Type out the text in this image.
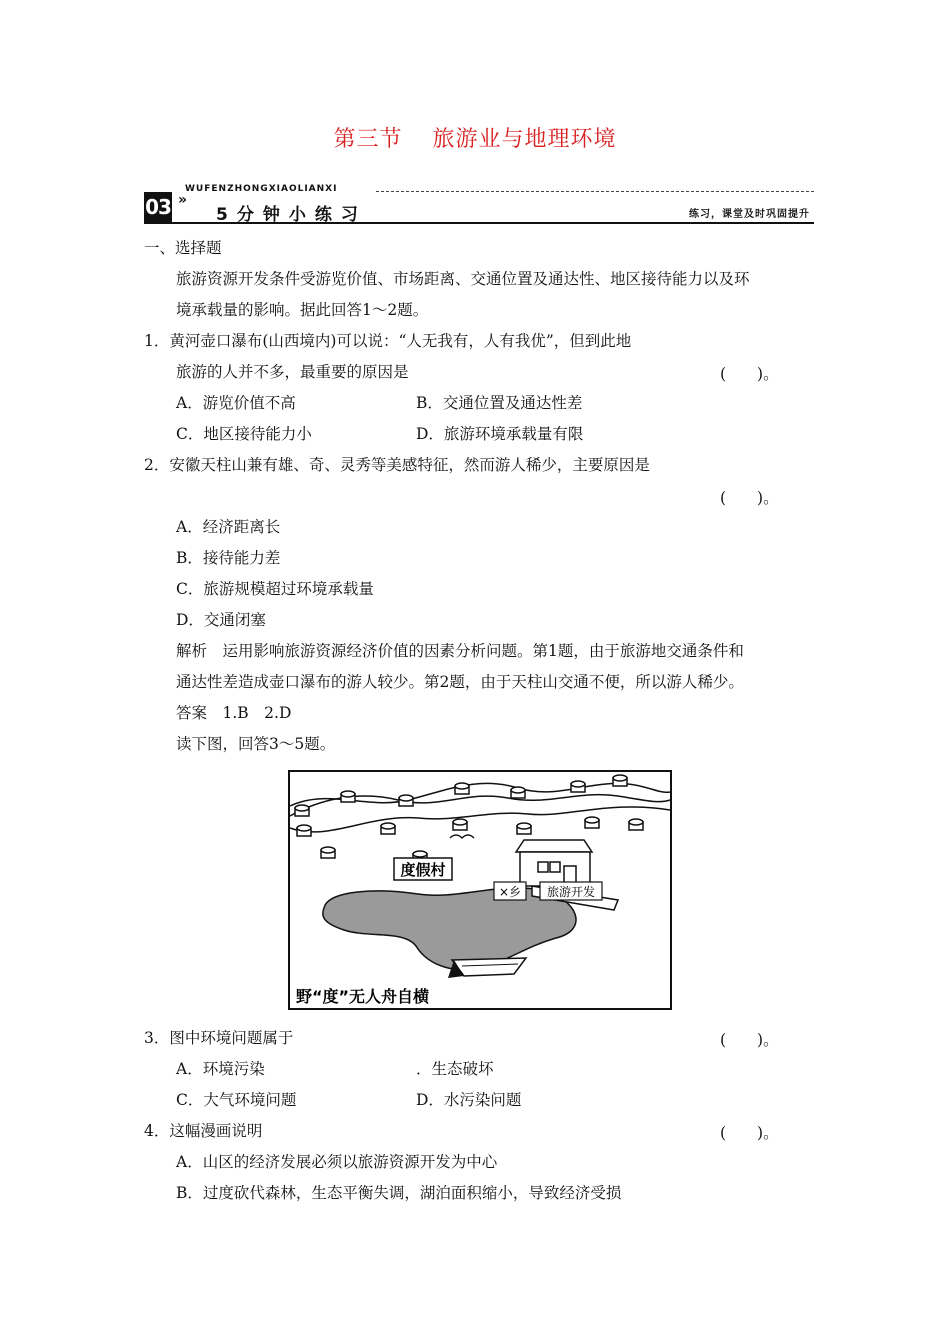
第三节 旅游业与地理环境
03 »
WUFENZHONGXIAOLIANXI
5分钟小练习	练习，课堂及时巩固提升
一、选择题
旅游资源开发条件受游览价值、市场距离、交通位置及通达性、地区接待能力以及环
境承载量的影响。据此回答1～2题。
1．黄河壶口瀑布(山西境内)可以说：“人无我有，人有我优”，但到此地
旅游的人并不多，最重要的原因是	(　　)。
A．游览价值不高	B．交通位置及通达性差
C．地区接待能力小	D．旅游环境承载量有限
2．安徽天柱山兼有雄、奇、灵秀等美感特征，然而游人稀少，主要原因是
(　　)。
A．经济距离长
B．接待能力差
C．旅游规模超过环境承载量
D．交通闭塞
解析　运用影响旅游资源经济价值的因素分析问题。第1题，由于旅游地交通条件和
通达性差造成壶口瀑布的游人较少。第2题，由于天柱山交通不便，所以游人稀少。
答案　1.B　2.D
读下图，回答3～5题。
度假村
×乡 旅游开发
野“度”无人舟自横
3．图中环境问题属于	(　　)。
A．环境污染	．生态破坏
C．大气环境问题	D．水污染问题
4．这幅漫画说明	(　　)。
A．山区的经济发展必须以旅游资源开发为中心
B．过度砍代森林，生态平衡失调，湖泊面积缩小，导致经济受损
